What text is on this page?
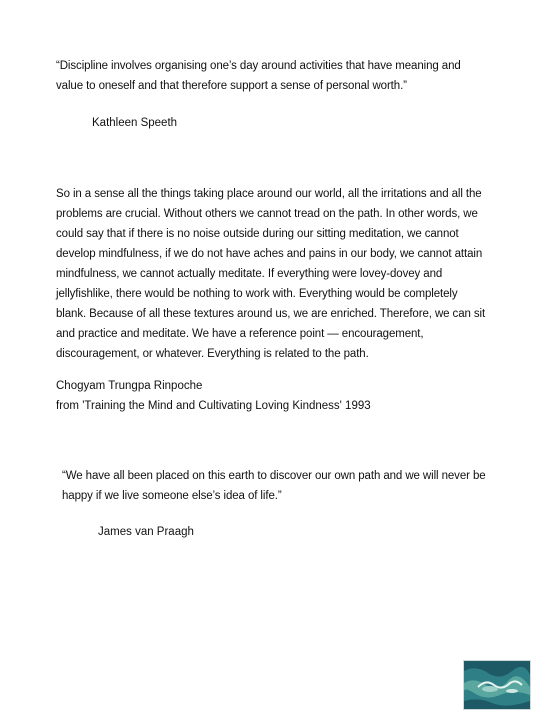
“Discipline involves organising one’s day around activities that have meaning and value to oneself and that therefore support a sense of personal worth.”

Kathleen Speeth

So in a sense all the things taking place around our world, all the irritations and all the problems are crucial. Without others we cannot tread on the path. In other words, we could say that if there is no noise outside during our sitting meditation, we cannot develop mindfulness, if we do not have aches and pains in our body, we cannot attain mindfulness, we cannot actually meditate. If everything were lovey-dovey and jellyfishlike, there would be nothing to work with. Everything would be completely blank. Because of all these textures around us, we are enriched. Therefore, we can sit and practice and meditate. We have a reference point — encouragement, discouragement, or whatever. Everything is related to the path.

Chogyam Trungpa Rinpoche
from 'Training the Mind and Cultivating Loving Kindness' 1993

“We have all been placed on this earth to discover our own path and we will never be happy if we live someone else’s idea of life.”

James van Praagh
